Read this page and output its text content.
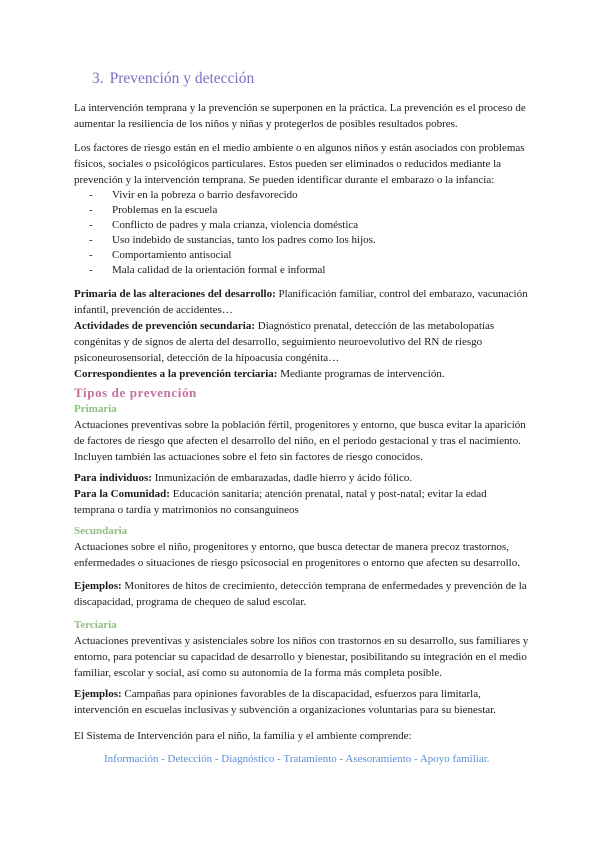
3. Prevención y detección

La intervención temprana y la prevención se superponen en la práctica. La prevención es el proceso de aumentar la resiliencia de los niños y niñas y protegerlos de posibles resultados pobres.

Los factores de riesgo están en el medio ambiente o en algunos niños y están asociados con problemas físicos, sociales o psicológicos particulares. Estos pueden ser eliminados o reducidos mediante la prevención y la intervención temprana. Se pueden identificar durante el embarazo o la infancia:

- Vivir en la pobreza o barrio desfavorecido
- Problemas en la escuela
- Conflicto de padres y mala crianza, violencia doméstica
- Uso indebido de sustancias, tanto los padres como los hijos.
- Comportamiento antisocial
- Mala calidad de la orientación formal e informal

Primaria de las alteraciones del desarrollo: Planificación familiar, control del embarazo, vacunación infantil, prevención de accidentes…

Actividades de prevención secundaria: Diagnóstico prenatal, detección de las metabolopatías congénitas y de signos de alerta del desarrollo, seguimiento neuroevolutivo del RN de riesgo psiconeurosensorial, detección de la hipoacusia congénita…

Correspondientes a la prevención terciaria: Mediante programas de intervención.

Tipos de prevención
Primaria

Actuaciones preventivas sobre la población fértil, progenitores y entorno, que busca evitar la aparición de factores de riesgo que afecten el desarrollo del niño, en el periodo gestacional y tras el nacimiento. Incluyen también las actuaciones sobre el feto sin factores de riesgo conocidos.

Para individuos: Inmunización de embarazadas, dadle hierro y ácido fólico.

Para la Comunidad: Educación sanitaria; atención prenatal, natal y post-natal; evitar la edad temprana o tardía y matrimonios no consanguíneos

Secundaria

Actuaciones sobre el niño, progenitores y entorno, que busca detectar de manera precoz trastornos, enfermedades o situaciones de riesgo psicosocial en progenitores o entorno que afecten su desarrollo.

Ejemplos: Monitores de hitos de crecimiento, detección temprana de enfermedades y prevención de la discapacidad, programa de chequeo de salud escolar.

Terciaria

Actuaciones preventivas y asistenciales sobre los niños con trastornos en su desarrollo, sus familiares y entorno, para potenciar su capacidad de desarrollo y bienestar, posibilitando su integración en el medio familiar, escolar y social, así como su autonomía de la forma más completa posible.

Ejemplos: Campañas para opiniones favorables de la discapacidad, esfuerzos para limitarla, intervención en escuelas inclusivas y subvención a organizaciones voluntarias para su bienestar.

El Sistema de Intervención para el niño, la familia y el ambiente comprende:

Información - Detección - Diagnóstico - Tratamiento - Asesoramiento - Apoyo familiar.
